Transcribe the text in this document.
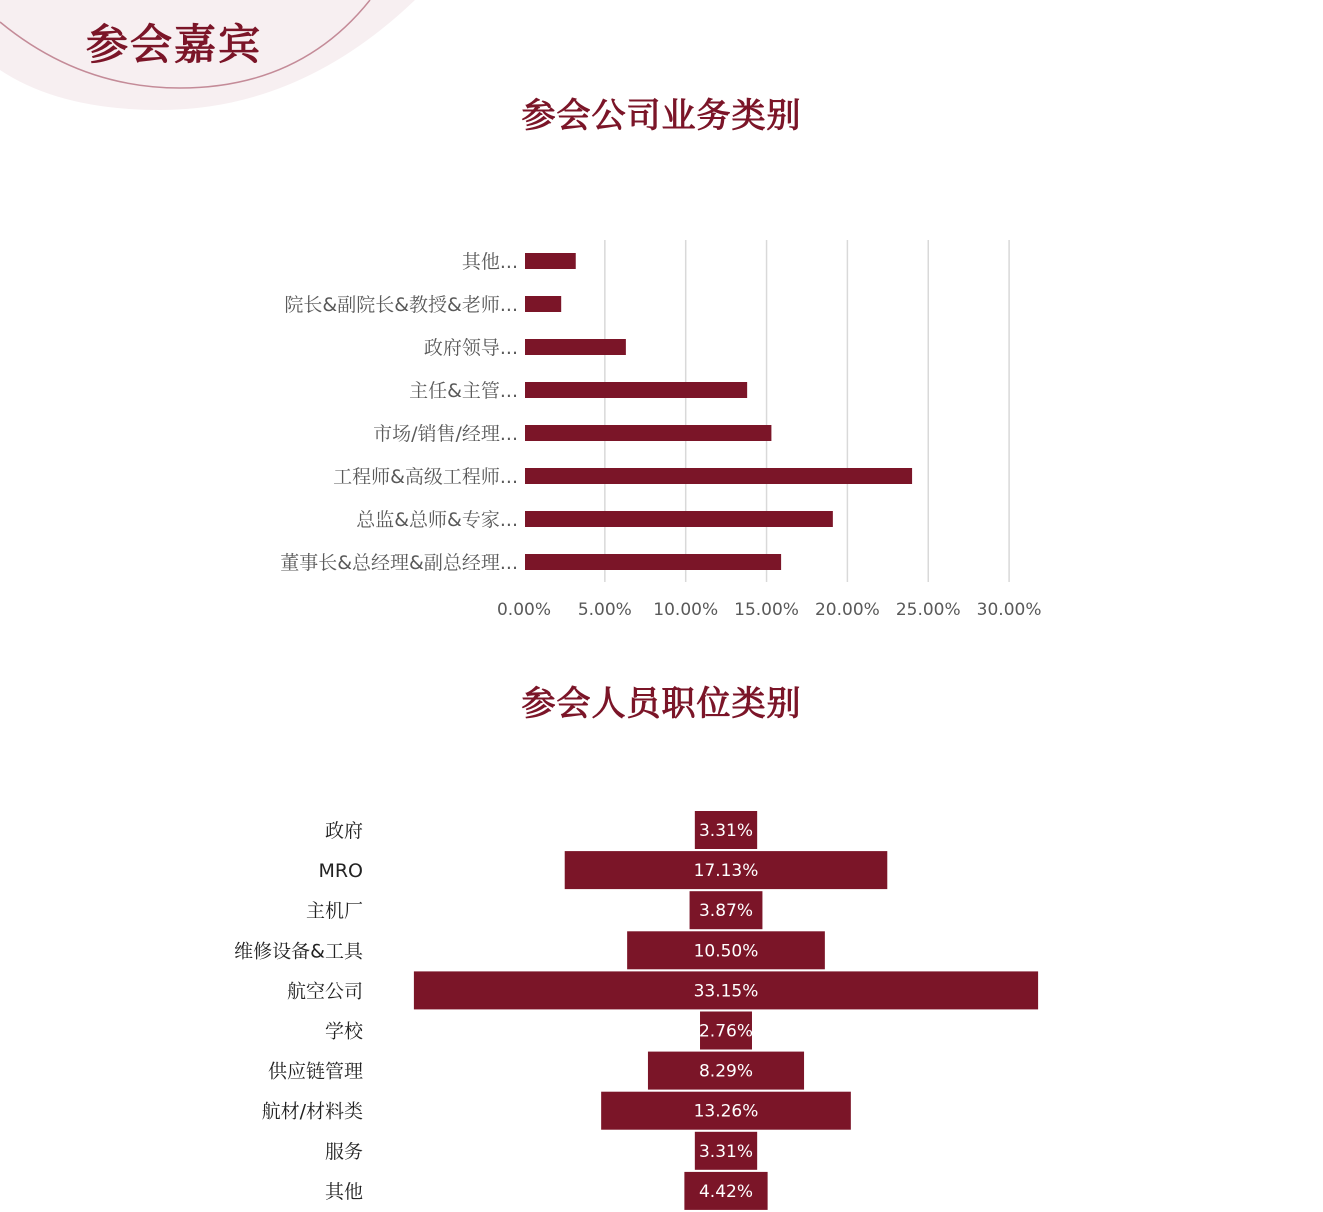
参会嘉宾
参会公司业务类别
0.00% 5.00% 10.00% 15.00% 20.00% 25.00% 30.00%
其他...
院长&副院长&教授&老师...
政府领导...
主任&主管...
市场/销售/经理...
工程师&高级工程师...
总监&总师&专家...
董事长&总经理&副总经理...
参会人员职位类别
3.31%
政府
17.13%
MRO
3.87%
主机厂
10.50%
维修设备&工具
33.15%
航空公司
2.76%
学校
8.29%
供应链管理
13.26%
航材/材料类
3.31%
服务
4.42%
其他
